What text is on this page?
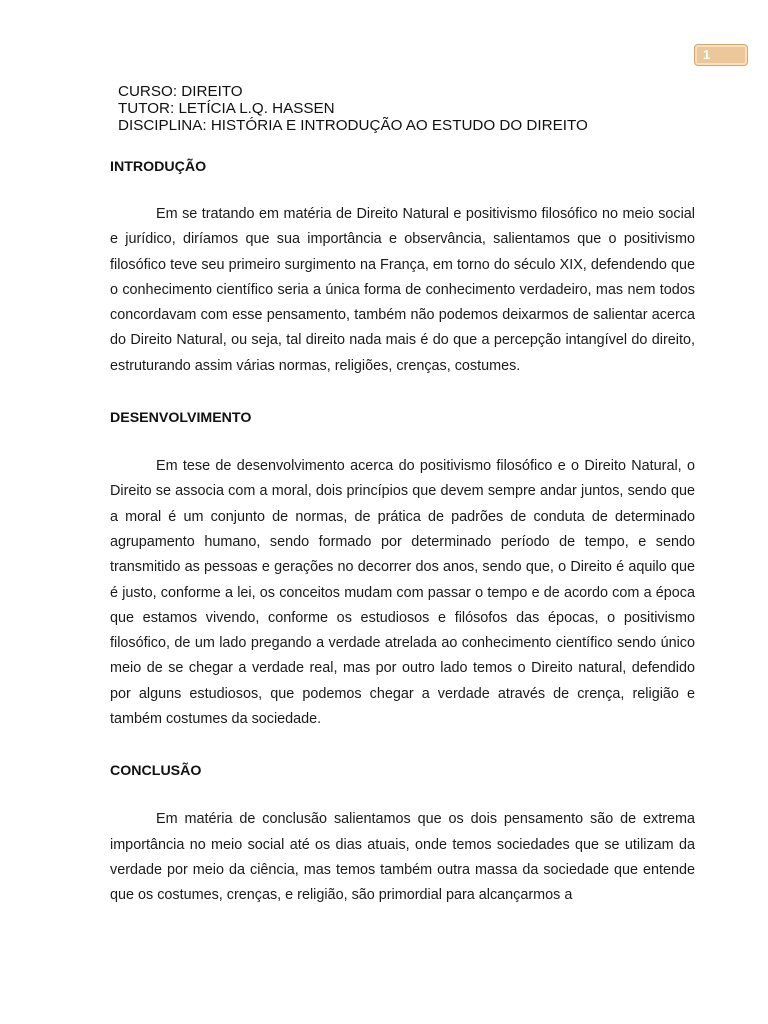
1
CURSO: DIREITO
TUTOR: LETÍCIA L.Q. HASSEN
DISCIPLINA: HISTÓRIA E INTRODUÇÃO AO ESTUDO DO DIREITO
INTRODUÇÃO

Em se tratando em matéria de Direito Natural e positivismo filosófico no meio social e jurídico, diríamos que sua importância e observância, salientamos que o positivismo filosófico teve seu primeiro surgimento na França, em torno do século XIX, defendendo que o conhecimento científico seria a única forma de conhecimento verdadeiro, mas nem todos concordavam com esse pensamento, também não podemos deixarmos de salientar acerca do Direito Natural, ou seja, tal direito nada mais é do que a percepção intangível do direito, estruturando assim várias normas, religiões, crenças, costumes.

DESENVOLVIMENTO

Em tese de desenvolvimento acerca do positivismo filosófico e o Direito Natural, o Direito se associa com a moral, dois princípios que devem sempre andar juntos, sendo que a moral é um conjunto de normas, de prática de padrões de conduta de determinado agrupamento humano, sendo formado por determinado período de tempo, e sendo transmitido as pessoas e gerações no decorrer dos anos, sendo que, o Direito é aquilo que é justo, conforme a lei, os conceitos mudam com passar o tempo e de acordo com a época que estamos vivendo, conforme os estudiosos e filósofos das épocas, o positivismo filosófico, de um lado pregando a verdade atrelada ao conhecimento científico sendo único meio de se chegar a verdade real, mas por outro lado temos o Direito natural, defendido por alguns estudiosos, que podemos chegar a verdade através de crença, religião e também costumes da sociedade.

CONCLUSÃO

Em matéria de conclusão salientamos que os dois pensamento são de extrema importância no meio social até os dias atuais, onde temos sociedades que se utilizam da verdade por meio da ciência, mas temos também outra massa da sociedade que entende que os costumes, crenças, e religião, são primordial para alcançarmos a
